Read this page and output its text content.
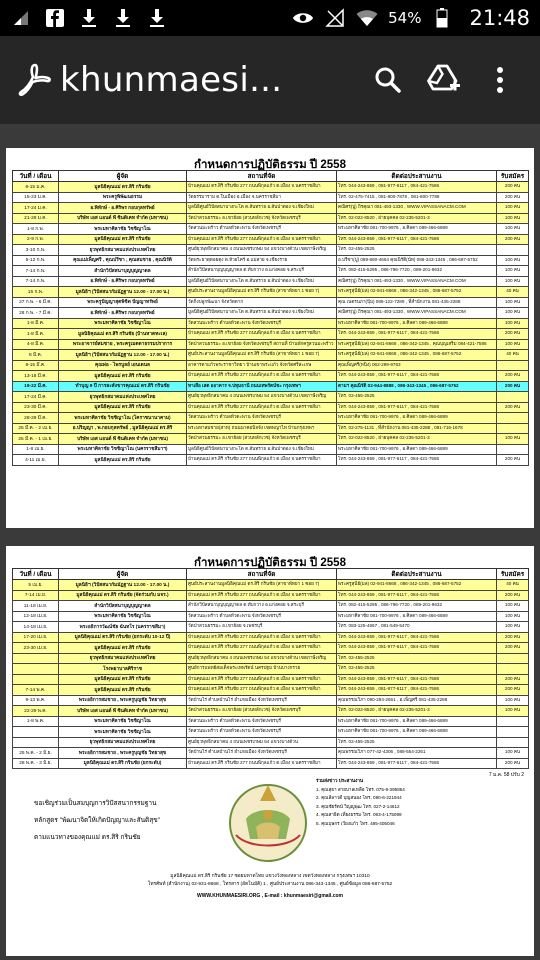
54% 21:48
khunmaesi...
กำหนดการปฏิบัติธรรม ปี 2558
วันที่ / เดือน	ผู้จัด	สถานที่จัด	ติดต่อประสานงาน	รับสมัคร
8-15 ม.ค.	มูลนิธิคุณแม่ ดร.สิริ กรินชัย	บ้านคุณแม่ ดร.สิริ กรินชัย 277 ถนนพิกุลแก้ว ต.เมือง จ.นครราชสีมา	โทร. 044-243-859 , 081-977-6117 , 084-421-7586	200 คน
15-23 ม.ค.	พระครูพิพัฒนธรรม	วัดธรรมาราม ต.ในเมือง อ.เมือง จ.นครราชสีมา	โทร. 02-475-7415 , 081-800-7878 , 081-800-7788	200 คน
17-24 ม.ค.	อ.พิทักษ์ - อ.ศิริพร กอบกุลทรัพย์	มูลนิธิศูนย์วิปัสสนาบางกะโต ต.สันทราย อ.สันป่าตอง จ.เชียงใหม่	คณิศร(ปู) ถิรคุณา 081-493-1330 , WWW.VIPASSANACM.COM	100 คน
21-28 ม.ค.	บริษัท เอส แอนด์ พี ซินดิเคท จำกัด (มหาชน)	วัดป่าสวนธรรมะ อ.เขาย้อย (สวนหลักเวช) จังหวัดเพชรบุรี	โทร. 02-022-8520 , ฝ่ายบุคคล 02-235-5201-3	100 คน
1-8 ก.พ.	พระมหาศิลาชัย วิชชิญาโณ	วัดสวนมะพร้าว ตำบลหัวตะพาน จังหวัดเพชรบุรี	พระมหาศิลาชัย 081-700-9976 , อ.ศิลดา 089-466-6889	100 คน
2-9 ก.พ.	มูลนิธิคุณแม่ ดร.สิริ กรินชัย	บ้านคุณแม่ ดร.สิริ กรินชัย 277 ถนนพิกุลแก้ว ต.เมือง จ.นครราชสีมา	โทร. 044-243-859 , 081-977-6117 , 084-421-7586	200 คน
3-10 ก.พ.	ยุวพุทธิกสมาคมแห่งประเทศไทย	ศูนย์ยุวพุทธิกสมาคม 4 ถนนเพชรเกษม 54 แขวงบางด้วน เขตภาษีเจริญ	โทร. 02-455-2525	
5-12 ก.พ.	คุณแม่เพ็ญศรี , คุณปรีชา , คุณสมชาย , คุณนิรัติ	วัดพระธาตุดอยตุง ต.ห้วยไคร้ อ.แม่สาย จ.เชียงราย	อ.ปรีชา(ปู) 089-860-4664 คุณนิรัติ(นัท) 086-343-1345 , 086-687-5752	100 คน
7-14 ก.พ.	สำนักวิปัสสนาบุญบุญญาดล	สำนักวิปัสสนาบุญบุญญาดล ต.ทับกวาง อ.แก่งคอย จ.สระบุรี	โทร. 082-415-5295 , 086-796-7720 , 089-201-9632	100 คน
7-14 ก.พ.	อ.พิทักษ์ - อ.ศิริพร กอบกุลทรัพย์	มูลนิธิศูนย์วิปัสสนาบางกะโต ต.สันทราย อ.สันป่าตอง จ.เชียงใหม่	คณิศร(ปู) ถิรคุณา 081-493-1330 , WWW.VIPASSANACM.COM	100 คน
15 ก.พ.	มูลนิธิฯ (วิปัสสนากัมมัฏฐาน 12.00 - 17.00 น.)	ศูนย์ประสานงานมูลนิธิคุณแม่ ดร.สิริ กรินชัย (สาขาพัทยา 1 ซอย 7)	พระครูสุนีย์(มล) 02-941-8668 , 086-342-1345 , 086-687-5752	40 คน
27 ก.พ. - 6 มี.ค.	พระครูปัญญาสุตพิชิต ปัญญาทรัพย์	วัดกิ่งปลูกพัฒนา จังหวัดตาก	คุณ เนตรนภา(ปุ้ม) 089-122-7289 , ที่สำนักงาน 081-435-2288	100 คน
28 ก.พ. - 7 มี.ค.	อ.พิทักษ์ - อ.ศิริพร กอบกุลทรัพย์	มูลนิธิศูนย์วิปัสสนาบางกะโต ต.สันทราย อ.สันป่าตอง จ.เชียงใหม่	คณิศร(ปู) ถิรคุณา 081-493-1330 , WWW.VIPASSANACM.COM	100 คน
1-8 มี.ค.	พระมหาศิลาชัย วิชชิญาโณ	วัดสวนมะพร้าว ตำบลหัวตะพาน จังหวัดเพชรบุรี	พระมหาศิลาชัย 081-700-9976 , อ.ศิลดา 089-466-6889	100 คน
1-8 มี.ค.	มูลนิธิคุณแม่ ดร.สิริ กรินชัย (บ้านหาดทะเล)	บ้านคุณแม่ ดร.สิริ กรินชัย 277 ถนนพิกุลแก้ว ต.เมือง จ.นครราชสีมา	โทร. 044-243-859 , 081-977-6117 , 084-421-7586	200 คน
4-8 มี.ค.	พระอาจารย์สมชาย , พระครูเมตตาธรรมปราการ	วัดป่าสวนธรรมะ อ.เขาย้อย จังหวัดเพชรบุรี สถานที่ บ้านพักครูสวนมะพร้าว	พระครูสุนีย์(มล) 02-941-8668 , 086-342-1345 , คุณบุญเสริม 084-421-7586	100 คน
8 มี.ค.	มูลนิธิฯ (วิปัสสนากัมมัฏฐาน 12.00 - 17.00 น.)	ศูนย์ประสานงานมูลนิธิคุณแม่ ดร.สิริ กรินชัย (สาขาพัทยา 1 ซอย 7)	พระครูสุนีย์(มล) 02-941-8668 , 086-342-1345 , 086-687-5752	40 คน
8-15 มี.ค.	คุณพ่อ - ไพรบูลย์ เยนเดนล	อาคารตาแก้วพระราชาวิทยา บ้านเขาพระแก้ว จังหวัดศรีสะเกษ	คุณเพ็ญศรี(หนิง) 062-299-9763	
13-18 มี.ค.	มูลนิธิคุณแม่ ดร.สิริ กรินชัย	บ้านคุณแม่ ดร.สิริ กรินชัย 277 ถนนพิกุลแก้ว ต.เมือง จ.นครราชสีมา	โทร. 044-243-859 , 081-977-6117 , 084-421-7586	200 คน
19-22 มี.ค.	ทำบุญ 9 ปี การละสังขารคุณแม่ ดร.สิริ กรินชัย	หาเสือ เสต ออาคาร จ.ปทุมธานี ถนนเทพรัตน์ชะ กรุงเทพฯ	ตามฯ คุณนิรัติ 02-944-8888 , 086-343-1345 , 086-687-5752	200 คน
17-24 มี.ค.	ยุวพุทธิกสมาคมแห่งประเทศไทย	ศูนย์ยุวพุทธิกสมาคม 4 ถนนเพชรเกษม 54 แขวงบางด้วน เขตภาษีเจริญ	โทร. 02-455-2525	
23-30 มี.ค.	มูลนิธิคุณแม่ ดร.สิริ กรินชัย	บ้านคุณแม่ ดร.สิริ กรินชัย 277 ถนนพิกุลแก้ว ต.เมือง จ.นครราชสีมา	โทร. 044-243-859 , 081-977-6117 , 084-421-7586	200 คน
28-29 มี.ค.	พระมหาศิลาชัย วิชชิญาโณ (โคราชนานาคาม)	วัดสวนมะพร้าว ตำบลหัวตะพาน จังหวัดเพชรบุรี	พระมหาศิลาชัย 081-700-9976 , อ.ศิลดา 089-466-6889	
25 มี.ค. - 2 เม.ย.	อ.ปริญญา , พ.กอบกุลทรัพย์ , มูลนิธิคุณแม่ ดร.สิริ	พระมหาสมชาย(สาห) ถนนนาคอนิจจัง เขตพญาไท บ้านกรุงเทพฯ	โทร. 02-275-1131 , ที่สำนักงาน 081-435-2288 , 081-716-1678	
25 มี.ค. - 1 เม.ย.	บริษัท เอส แอนด์ พี ซินดิเคท จำกัด (มหาชน)	วัดป่าสวนธรรมะ อ.เขาย้อย (สวนหลักเวช) จังหวัดเพชรบุรี	โทร. 02-022-8520 , ฝ่ายบุคคล 02-235-5201-3	100 คน
1-8 เม.ย.	พระมหาศิลาชัย วิชชิญาโณ (นครราชสีมาฯ)	มูลนิธิศูนย์วิปัสสนาบางกะโต ต.สันทราย อ.สันป่าตอง จ.เชียงใหม่	พระมหาศิลาชัย 081-700-9976 , อ.ศิลดา 089-466-6889	
4-11 เม.ย.	มูลนิธิคุณแม่ ดร.สิริ กรินชัย	บ้านคุณแม่ ดร.สิริ กรินชัย 277 ถนนพิกุลแก้ว ต.เมือง จ.นครราชสีมา	โทร. 044-243-859 , 081-977-6117 , 084-421-7586	200 คน
กำหนดการปฏิบัติธรรม ปี 2558
วันที่ / เดือน	ผู้จัด	สถานที่จัด	ติดต่อประสานงาน	รับสมัคร
5 เม.ย.	มูลนิธิฯ (วิปัสสนากัมมัฏฐาน 12.00 - 17.00 น.)	ศูนย์ประสานงานมูลนิธิคุณแม่ ดร.สิริ กรินชัย (สาขาพัทยา 1 ซอย 7)	พระครูสุนีย์(มล) 02-941-8668 , 086-342-1345 , 086-687-5752	40 คน
7-14 เม.ย.	มูลนิธิคุณแม่ ดร.สิริ กรินชัย (จัดร่วมกับ มจร.)	บ้านคุณแม่ ดร.สิริ กรินชัย 277 ถนนพิกุลแก้ว ต.เมือง จ.นครราชสีมา	โทร. 044-243-859 , 081-977-6117 , 084-421-7586	200 คน
11-18 เม.ย.	สำนักวิปัสสนาบุญบุญญาดล	สำนักวิปัสสนาบุญบุญญาดล ต.ทับกวาง อ.แก่งคอย จ.สระบุรี	โทร. 082-415-5295 , 086-796-7720 , 089-201-9632	100 คน
12-18 เม.ย.	พระมหาศิลาชัย วิชชิญาโณ	วัดสวนมะพร้าว ตำบลหัวตะพาน จังหวัดเพชรบุรี	พระมหาศิลาชัย 081-700-9976 , อ.ศิลดา 089-466-6889	100 คน
14-18 เม.ย.	พระอธิการวัฒน์ชัย ฉันทโร (นครราชสีมา)	วัดป่าสวนธรรมะ อ.เขาย้อย จ.เพชรบุรี	โทร. 083-125-4667 , 081-549-5470	100 คน
17-20 เม.ย.	มูลนิธิคุณแม่ ดร.สิริ กรินชัย (ยกระดับ 10-12 ปี)	บ้านคุณแม่ ดร.สิริ กรินชัย 277 ถนนพิกุลแก้ว ต.เมือง จ.นครราชสีมา	โทร. 044-243-859 , 081-977-6117 , 084-421-7586	200 คน
23-30 เม.ย.	มูลนิธิคุณแม่ ดร.สิริ กรินชัย	บ้านคุณแม่ ดร.สิริ กรินชัย 277 ถนนพิกุลแก้ว ต.เมือง จ.นครราชสีมา	โทร. 044-243-859 , 081-977-6117 , 084-421-7586	200 คน
	ยุวพุทธิกสมาคมแห่งประเทศไทย	ศูนย์ยุวพุทธิกสมาคม 4 ถนนเพชรเกษม 54 แขวงบางด้วน เขตภาษีเจริญ	โทร. 02-455-2525	
	โรงพยาบาลศิริราช	ศูนย์การแพทย์สมเด็จพระเทพรัตน์ นครปฐม บ้านบางกรวย	โทร. 02-455-2525	
	มูลนิธิคุณแม่ ดร.สิริ กรินชัย	บ้านคุณแม่ ดร.สิริ กรินชัย 277 ถนนพิกุลแก้ว ต.เมือง จ.นครราชสีมา	โทร. 044-243-859 , 081-977-6117 , 084-421-7586	200 คน
7-14 พ.ค.	มูลนิธิคุณแม่ ดร.สิริ กรินชัย	บ้านคุณแม่ ดร.สิริ กรินชัย 277 ถนนพิกุลแก้ว ต.เมือง จ.นครราชสีมา	โทร. 044-243-859 , 081-977-6117 , 084-421-7586	200 คน
9-13 พ.ค.	พระอธิการสมชาย , พระครูบุญชัย วิทยาสุข	วัดบ้านไร่ ตำบลบ้านไร่ อำเภอเมือง จังหวัดเพชรบุรี	คุณพรรณวิภา 090-294-2661 , อ.เพ็ญศรี 081-435-2288	100 คน
22-29 พ.ค.	บริษัท เอส แอนด์ พี ซินดิเคท จำกัด (มหาชน)	วัดป่าสวนธรรมะ อ.เขาย้อย (สวนหลักเวช) จังหวัดเพชรบุรี	โทร. 02-022-8520 , ฝ่ายบุคคล 02-235-5201-3	100 คน
1-8 พ.ค.	พระมหาศิลาชัย วิชชิญาโณ	วัดสวนมะพร้าว ตำบลหัวตะพาน จังหวัดเพชรบุรี	พระมหาศิลาชัย 081-700-9976 , อ.ศิลดา 089-466-6889	
	พระมหาศิลาชัย วิชชิญาโณ	วัดสวนมะพร้าว ตำบลหัวตะพาน จังหวัดเพชรบุรี	พระมหาศิลาชัย 081-700-9976 , อ.ศิลดา 089-466-6889	
	ยุวพุทธิกสมาคมแห่งประเทศไทย	ศูนย์ยุวพุทธิกสมาคม 4 ถนนเพชรเกษม 54 แขวงบางด้วน	โทร. 02-455-2525	
25 พ.ค. - 2 มิ.ย.	พระอธิการสมชาย , พระครูบุญชัย วิทยาสุข	วัดบ้านไร่ ตำบลบ้านไร่ อำเภอเมือง จังหวัดเพชรบุรี	คุณพรรณวิภา 077-42-4306 , 089-554-2261	100 คน
28 พ.ค. - 3 มิ.ย.	มูลนิธิคุณแม่ ดร.สิริ กรินชัย (ยกระดับ)	บ้านคุณแม่ ดร.สิริ กรินชัย 277 ถนนพิกุลแก้ว ต.เมือง จ.นครราชสีมา	โทร. 044-243-859 , 081-977-6117 , 084-421-7586	200 คน
7 ม.ค. 58 ปรับ 2
ขอเชิญร่วมเป็นสมบุญการวิปัสสนากรรมฐาน
หลักสูตร "พัฒนาจิตให้เกิดปัญญาและสันติสุข"
ตามแนวทางของคุณแม่ ดร.สิริ กรินชัย
ร่วมส่งข่าว ประสานงาน
1. คุณสุธา สายบาลเหลือ โทร. 075-9-395854
2. คุณลีลาวดี บุญสนอง โทร. 090-6-221944
3. คุณชัยรัตน์ วิญญูพุฒ โทร. 027-2-14612
4. คุณสาธิต เที่ยงธรรม โทร. 093-4-175099
5. คุณบุษกร เวียงแก้ว โทร. 485-405046
มูลนิธิคุณแม่ ดร.สิริ กรินชัย 17 ซอยมหาดไทย แขวงวังทองหลาง เขตวังทองหลาง กรุงเทพฯ 10310
โทรศัพท์ (สำนักงาน) 02-931-8668 , โทรสาร (อัตโนมัติ) 1 , ศูนย์ประสานงาน 086-343-1345 , ศูนย์ข้อมูล 086-687-5752
WWW.KHUNMAESIRI.ORG , E-mail : khunmaesiri@gmail.com
